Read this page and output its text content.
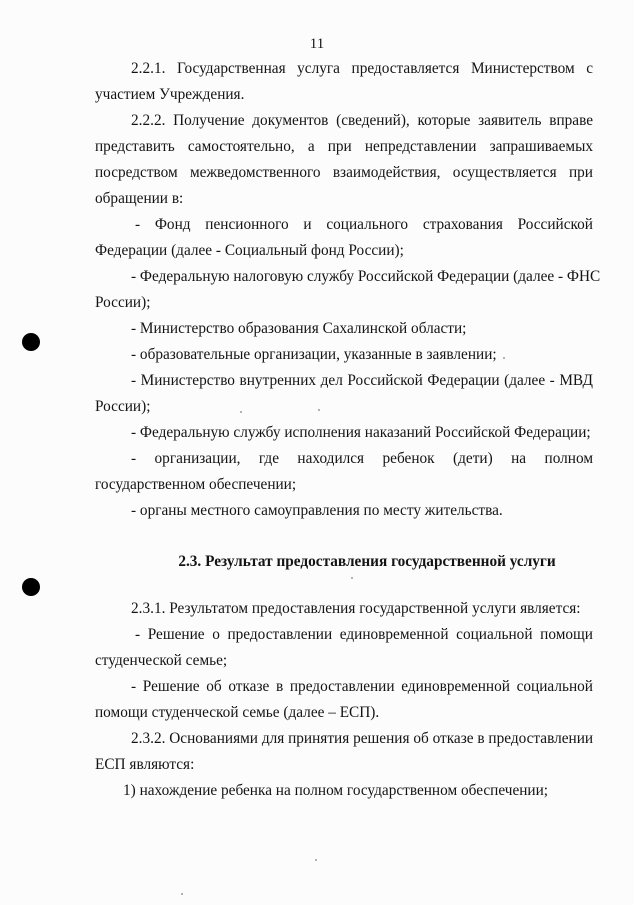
11
2.2.1. Государственная услуга предоставляется Министерством с
участием Учреждения.
2.2.2. Получение документов (сведений), которые заявитель вправе
представить самостоятельно, а при непредставлении запрашиваемых
посредством межведомственного взаимодействия, осуществляется при
обращении в:
- Фонд пенсионного и социального страхования Российской
Федерации (далее - Социальный фонд России);
- Федеральную налоговую службу Российской Федерации (далее - ФНС
России);
- Министерство образования Сахалинской области;
- образовательные организации, указанные в заявлении;
- Министерство внутренних дел Российской Федерации (далее - МВД
России);
- Федеральную службу исполнения наказаний Российской Федерации;
- организации, где находился ребенок (дети) на полном
государственном обеспечении;
- органы местного самоуправления по месту жительства.
2.3. Результат предоставления государственной услуги
2.3.1. Результатом предоставления государственной услуги является:
- Решение о предоставлении единовременной социальной помощи
студенческой семье;
- Решение об отказе в предоставлении единовременной социальной
помощи студенческой семье (далее – ЕСП).
2.3.2. Основаниями для принятия решения об отказе в предоставлении
ЕСП являются:
1) нахождение ребенка на полном государственном обеспечении;
